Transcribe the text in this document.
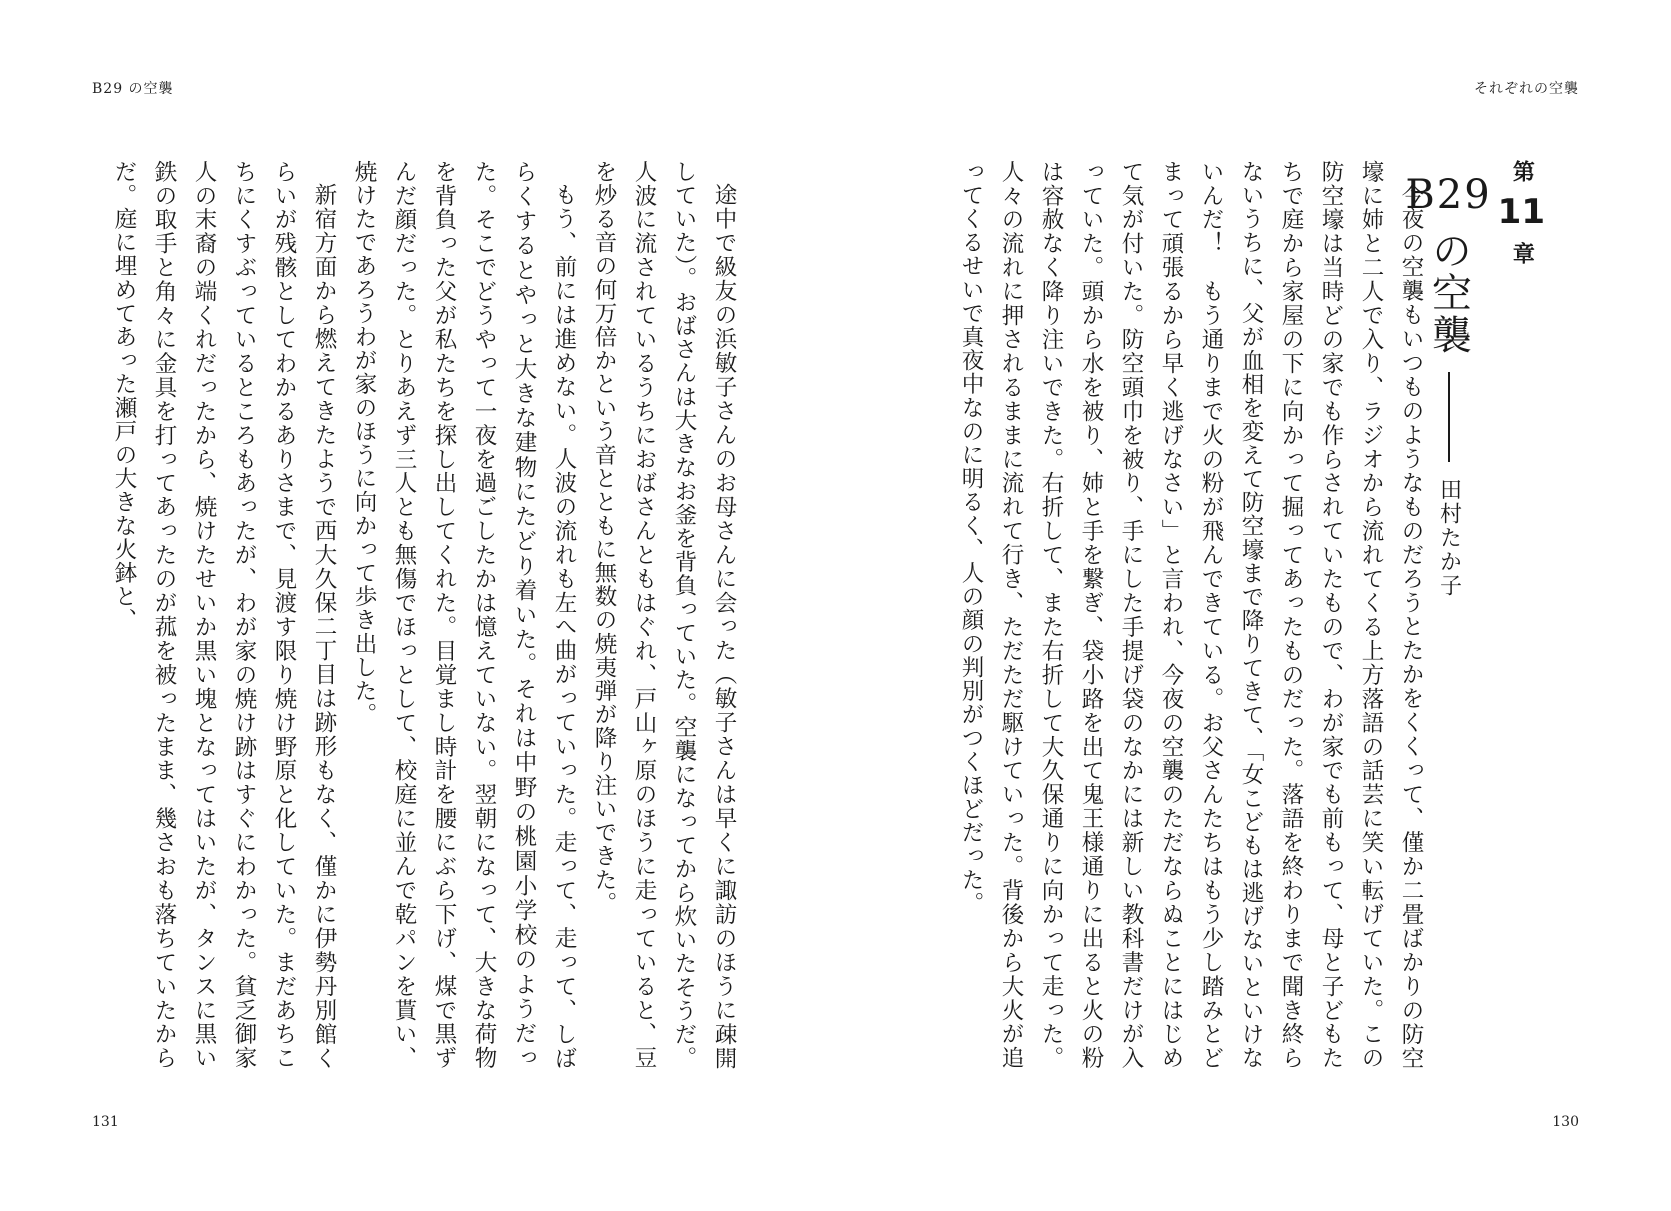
B29 の空襲

途中で級友の浜敏子さんのお母さんに会った（敏子さんは早くに諏訪のほうに疎開していた）。おばさんは大きなお釜を背負っていた。空襲になってから炊いたそうだ。人波に流されているうちにおばさんともはぐれ、戸山ヶ原のほうに走っていると、豆を炒る音の何万倍かという音とともに無数の焼夷弾が降り注いできた。

もう、前には進めない。人波の流れも左へ曲がっていった。走って、走って、しばらくするとやっと大きな建物にたどり着いた。それは中野の桃園小学校のようだった。そこでどうやって一夜を過ごしたかは憶えていない。翌朝になって、大きな荷物を背負った父が私たちを探し出してくれた。目覚まし時計を腰にぶら下げ、煤で黒ずんだ顔だった。とりあえず三人とも無傷でほっとして、校庭に並んで乾パンを貰い、焼けたであろうわが家のほうに向かって歩き出した。

新宿方面から燃えてきたようで西大久保二丁目は跡形もなく、僅かに伊勢丹別館くらいが残骸としてわかるありさまで、見渡す限り焼け野原と化していた。まだあちこちにくすぶっているところもあったが、わが家の焼け跡はすぐにわかった。貧乏御家人の末裔の端くれだったから、焼けたせいか黒い塊となってはいたが、タンスに黒い鉄の取手と角々に金具を打ってあったのが菰を被ったまま、幾さおも落ちていたからだ。庭に埋めてあった瀬戸の大きな火鉢と、

131
それぞれの空襲
第11章
B29の空襲田村たか子

今夜の空襲もいつものようなものだろうとたかをくくって、僅か二畳ばかりの防空壕に姉と二人で入り、ラジオから流れてくる上方落語の話芸に笑い転げていた。この防空壕は当時どの家でも作らされていたもので、わが家でも前もって、母と子どもたちで庭から家屋の下に向かって掘ってあったものだった。落語を終わりまで聞き終らないうちに、父が血相を変えて防空壕まで降りてきて、「女こどもは逃げないといけないんだ！　もう通りまで火の粉が飛んできている。お父さんたちはもう少し踏みとどまって頑張るから早く逃げなさい」と言われ、今夜の空襲のただならぬことにはじめて気が付いた。防空頭巾を被り、手にした手提げ袋のなかには新しい教科書だけが入っていた。頭から水を被り、姉と手を繋ぎ、袋小路を出て鬼王様通りに出ると火の粉は容赦なく降り注いできた。右折して、また右折して大久保通りに向かって走った。人々の流れに押されるままに流れて行き、ただただ駆けていった。背後から大火が追ってくるせいで真夜中なのに明るく、人の顔の判別がつくほどだった。

130
